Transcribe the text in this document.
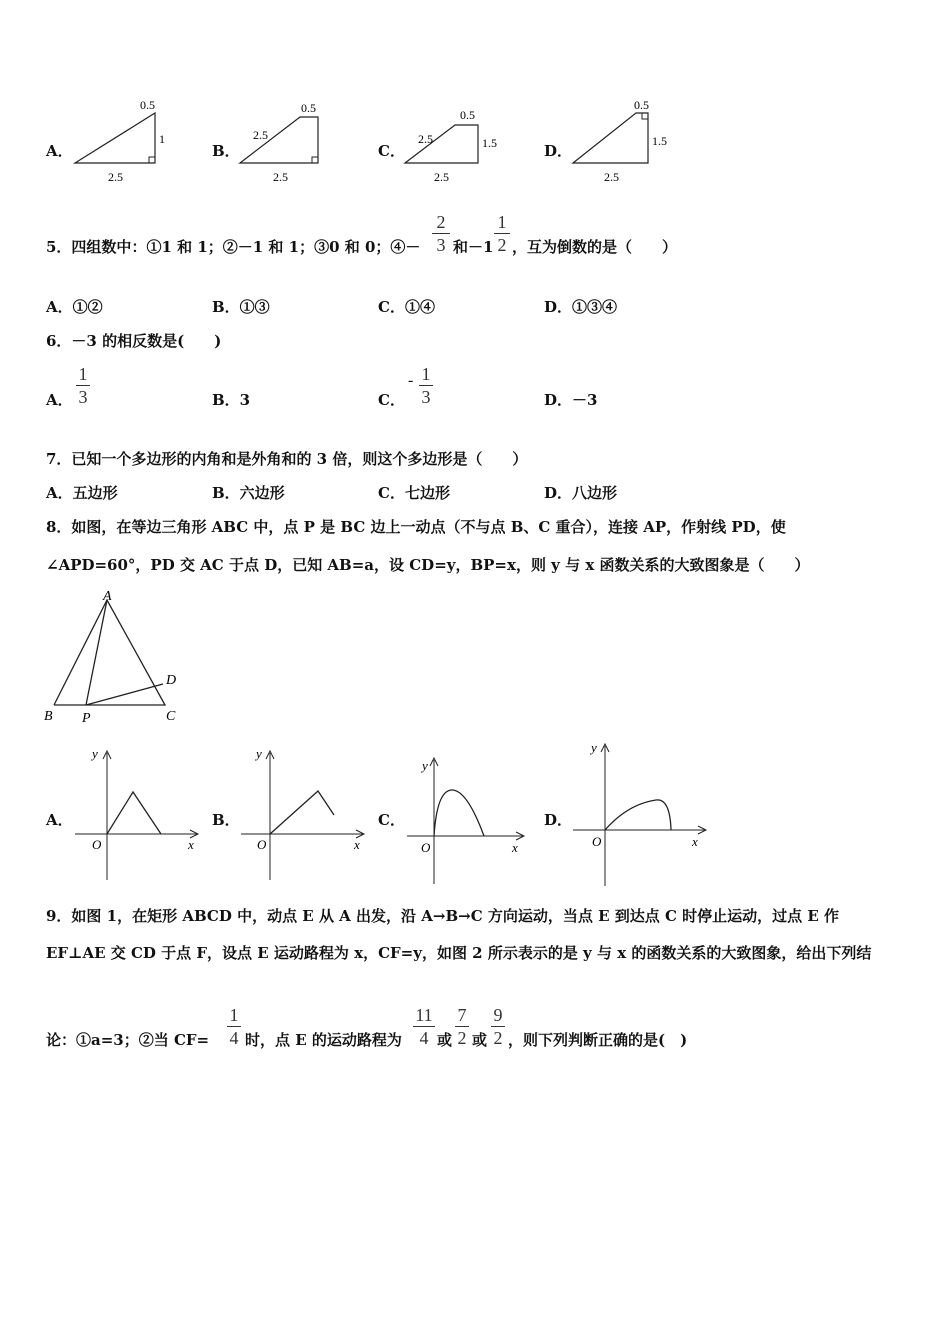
A．
0.5
1
2.5
B．
0.5
2.5
2.5
C．
0.5
2.5	1.5
2.5
D．
0.5
1.5
2.5
5．四组数中：①1 和 1；②－1 和 1；③0 和 0；④－
2
3 和－1
1
2 ，互为倒数的是（　　）
A．①②	B．①③	C．①④	D．①③④
6．－3 的相反数是(　　)
A．
1
3	B．3	C．
- 1
3	D．－3
7．已知一个多边形的内角和是外角和的 3 倍，则这个多边形是（　　）
A．五边形	B．六边形	C．七边形	D．八边形
8．如图，在等边三角形 ABC 中，点 P 是 BC 边上一动点（不与点 B、C 重合），连接 AP，作射线 PD，使
∠APD=60°，PD 交 AC 于点 D，已知 AB=a，设 CD=y，BP=x，则 y 与 x 函数关系的大致图象是（　　）
A
B P	C
D
A．
y
x
O
B．
y
x
O
C．
y
x
O
D．
y
x
O
9．如图 1，在矩形 ABCD 中，动点 E 从 A 出发，沿 A→B→C 方向运动，当点 E 到达点 C 时停止运动，过点 E 作
EF⊥AE 交 CD 于点 F，设点 E 运动路程为 x，CF=y，如图 2 所示表示的是 y 与 x 的函数关系的大致图象，给出下列结
论：①a=3；②当 CF=
1
4 时，点 E 的运动路程为
11
4 或
7
2 或
9
2 ，则下列判断正确的是(　)
